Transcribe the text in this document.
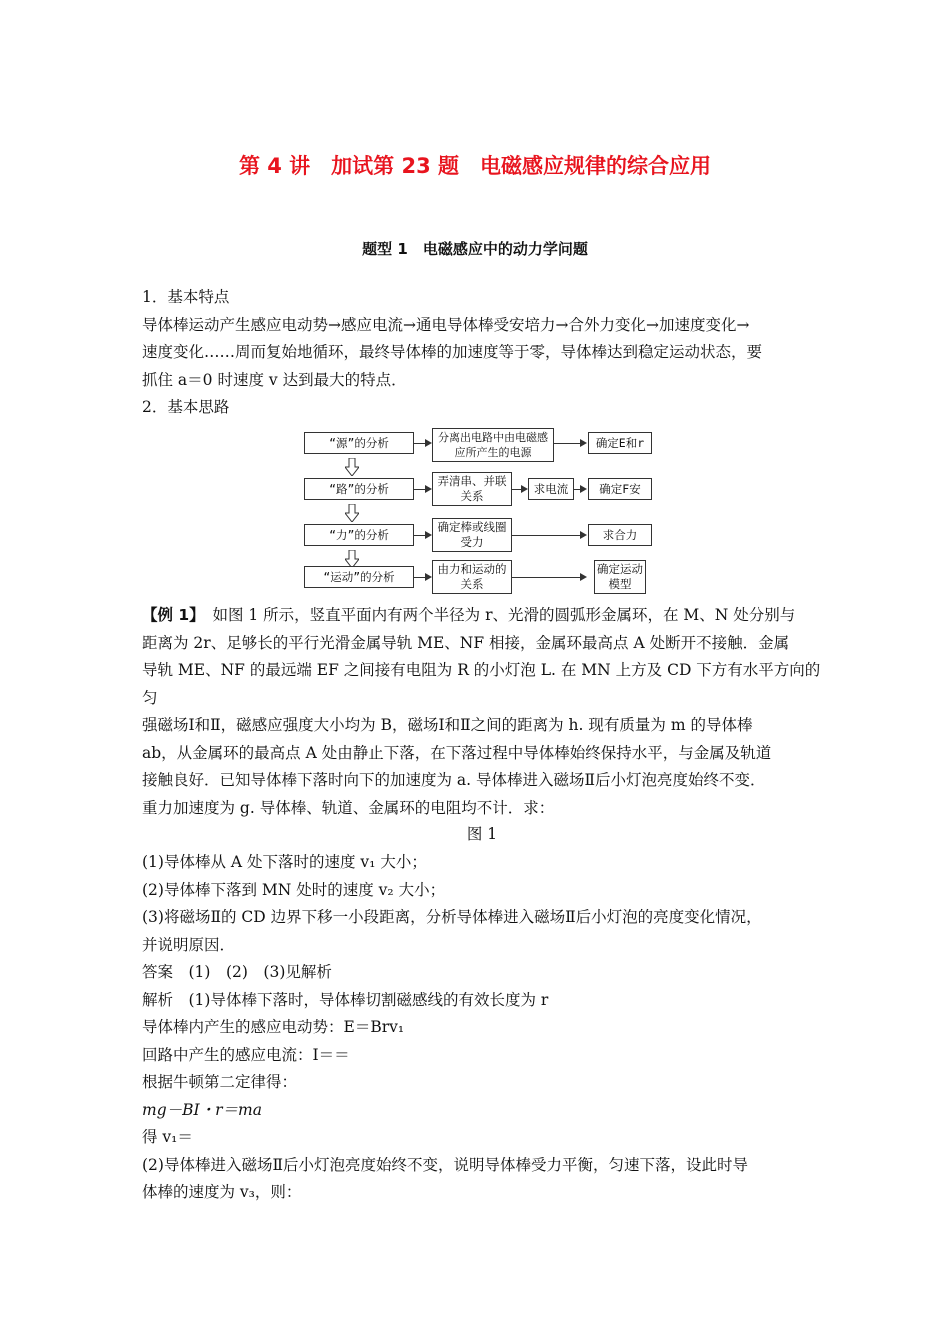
第 4 讲　加试第 23 题　电磁感应规律的综合应用
题型 1　电磁感应中的动力学问题

1．基本特点

导体棒运动产生感应电动势→感应电流→通电导体棒受安培力→合外力变化→加速度变化→

速度变化……周而复始地循环，最终导体棒的加速度等于零，导体棒达到稳定运动状态，要

抓住 a＝0 时速度 v 达到最大的特点．

2．基本思路

“源”的分析	分离出电路中由电磁感应所产生的电源
确定E和r
“路”的分析
弄清串、并联关系
求电流	确定F安
“力”的分析
确定棒或线圈受力
求合力
“运动”的分析
由力和运动的关系
确定运动模型

【例 1】　 如图 1 所示，竖直平面内有两个半径为 r、光滑的圆弧形金属环，在 M、N 处分别与

距离为 2r、足够长的平行光滑金属导轨 ME、NF 相接，金属环最高点 A 处断开不接触．金属

导轨 ME、NF 的最远端 EF 之间接有电阻为 R 的小灯泡 L. 在 MN 上方及 CD 下方有水平方向的匀

强磁场Ⅰ和Ⅱ，磁感应强度大小均为 B，磁场Ⅰ和Ⅱ之间的距离为 h. 现有质量为 m 的导体棒

ab，从金属环的最高点 A 处由静止下落，在下落过程中导体棒始终保持水平，与金属及轨道

接触良好．已知导体棒下落时向下的加速度为 a. 导体棒进入磁场Ⅱ后小灯泡亮度始终不变．

重力加速度为 g. 导体棒、轨道、金属环的电阻均不计．求：

图 1

(1)导体棒从 A 处下落时的速度 v₁ 大小；

(2)导体棒下落到 MN 处时的速度 v₂ 大小；

(3)将磁场Ⅱ的 CD 边界下移一小段距离，分析导体棒进入磁场Ⅱ后小灯泡的亮度变化情况，

并说明原因．

答案　(1)　(2)　(3)见解析

解析　(1)导体棒下落时，导体棒切割磁感线的有效长度为 r

导体棒内产生的感应电动势：E＝Brv₁

回路中产生的感应电流：I＝＝

根据牛顿第二定律得：

mg－BI・r＝ma

得 v₁＝

(2)导体棒进入磁场Ⅱ后小灯泡亮度始终不变，说明导体棒受力平衡，匀速下落，设此时导

体棒的速度为 v₃，则：
